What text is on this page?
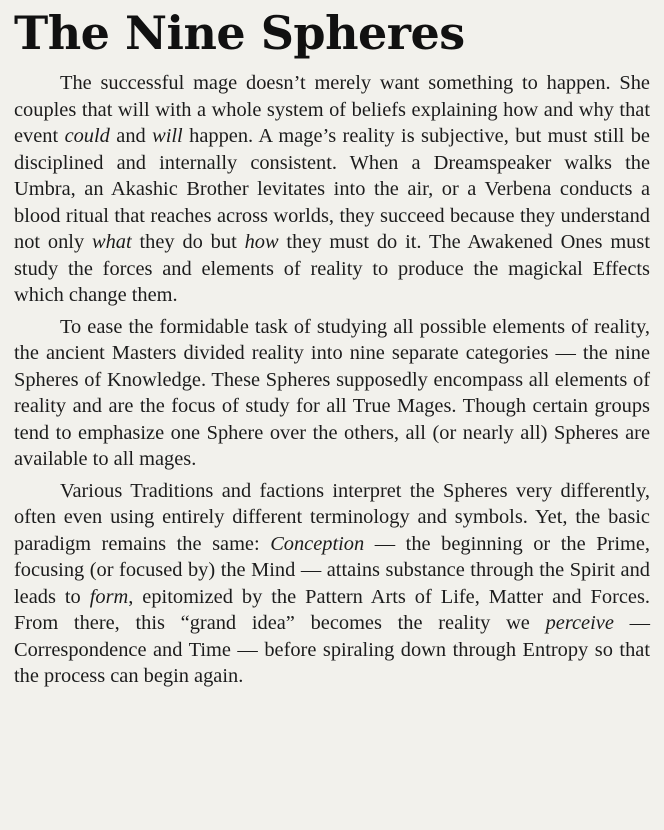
The Nine Spheres

The successful mage doesn’t merely want something to happen. She couples that will with a whole system of beliefs explaining how and why that event could and will happen. A mage’s reality is subjective, but must still be disciplined and internally consistent. When a Dreamspeaker walks the Umbra, an Akashic Brother levitates into the air, or a Verbena conducts a blood ritual that reaches across worlds, they succeed because they understand not only what they do but how they must do it. The Awakened Ones must study the forces and elements of reality to produce the magickal Effects which change them.

To ease the formidable task of studying all possible elements of reality, the ancient Masters divided reality into nine separate categories — the nine Spheres of Knowledge. These Spheres supposedly encompass all elements of reality and are the focus of study for all True Mages. Though certain groups tend to emphasize one Sphere over the others, all (or nearly all) Spheres are available to all mages.

Various Traditions and factions interpret the Spheres very differently, often even using entirely different terminology and symbols. Yet, the basic paradigm remains the same: Conception — the beginning or the Prime, focusing (or focused by) the Mind — attains substance through the Spirit and leads to form, epitomized by the Pattern Arts of Life, Matter and Forces. From there, this “grand idea” becomes the reality we perceive — Correspondence and Time — before spiraling down through Entropy so that the process can begin again.
